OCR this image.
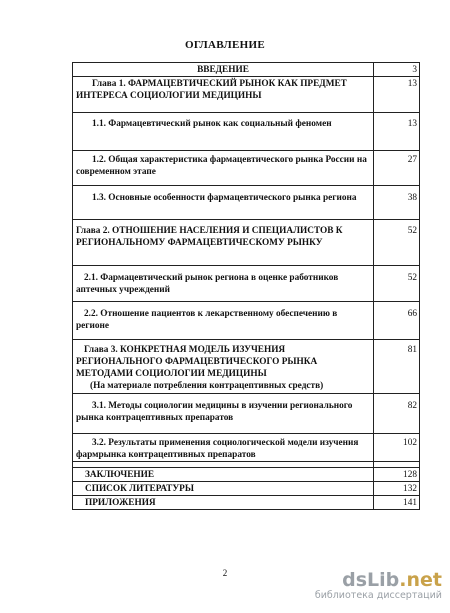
ОГЛАВЛЕНИЕ
ВВЕДЕНИЕ	3
Глава 1. ФАРМАЦЕВТИЧЕСКИЙ РЫНОК КАК ПРЕДМЕТ ИНТЕРЕСА СОЦИОЛОГИИ МЕДИЦИНЫ	13
1.1. Фармацевтический рынок как социальный феномен	13
1.2. Общая характеристика фармацевтического рынка России на современном этапе	27
1.3. Основные особенности фармацевтического рынка региона	38
Глава 2. ОТНОШЕНИЕ НАСЕЛЕНИЯ И СПЕЦИАЛИСТОВ К РЕГИОНАЛЬНОМУ ФАРМАЦЕВТИЧЕСКОМУ РЫНКУ	52
2.1. Фармацевтический рынок региона в оценке работников аптечных учреждений	52
2.2. Отношение пациентов к лекарственному обеспечению в регионе	66
Глава 3. КОНКРЕТНАЯ МОДЕЛЬ ИЗУЧЕНИЯ РЕГИОНАЛЬНОГО ФАРМАЦЕВТИЧЕСКОГО РЫНКА МЕТОДАМИ СОЦИОЛОГИИ МЕДИЦИНЫ
(На материале потребления контрацептивных средств)	81
3.1. Методы социологии медицины в изучении регионального рынка контрацептивных препаратов	82
3.2. Результаты применения социологической модели изучения фармрынка контрацептивных препаратов	102

ЗАКЛЮЧЕНИЕ	128
СПИСОК ЛИТЕРАТУРЫ	132
ПРИЛОЖЕНИЯ	141
2	dsLib.net
библиотека диссертаций
